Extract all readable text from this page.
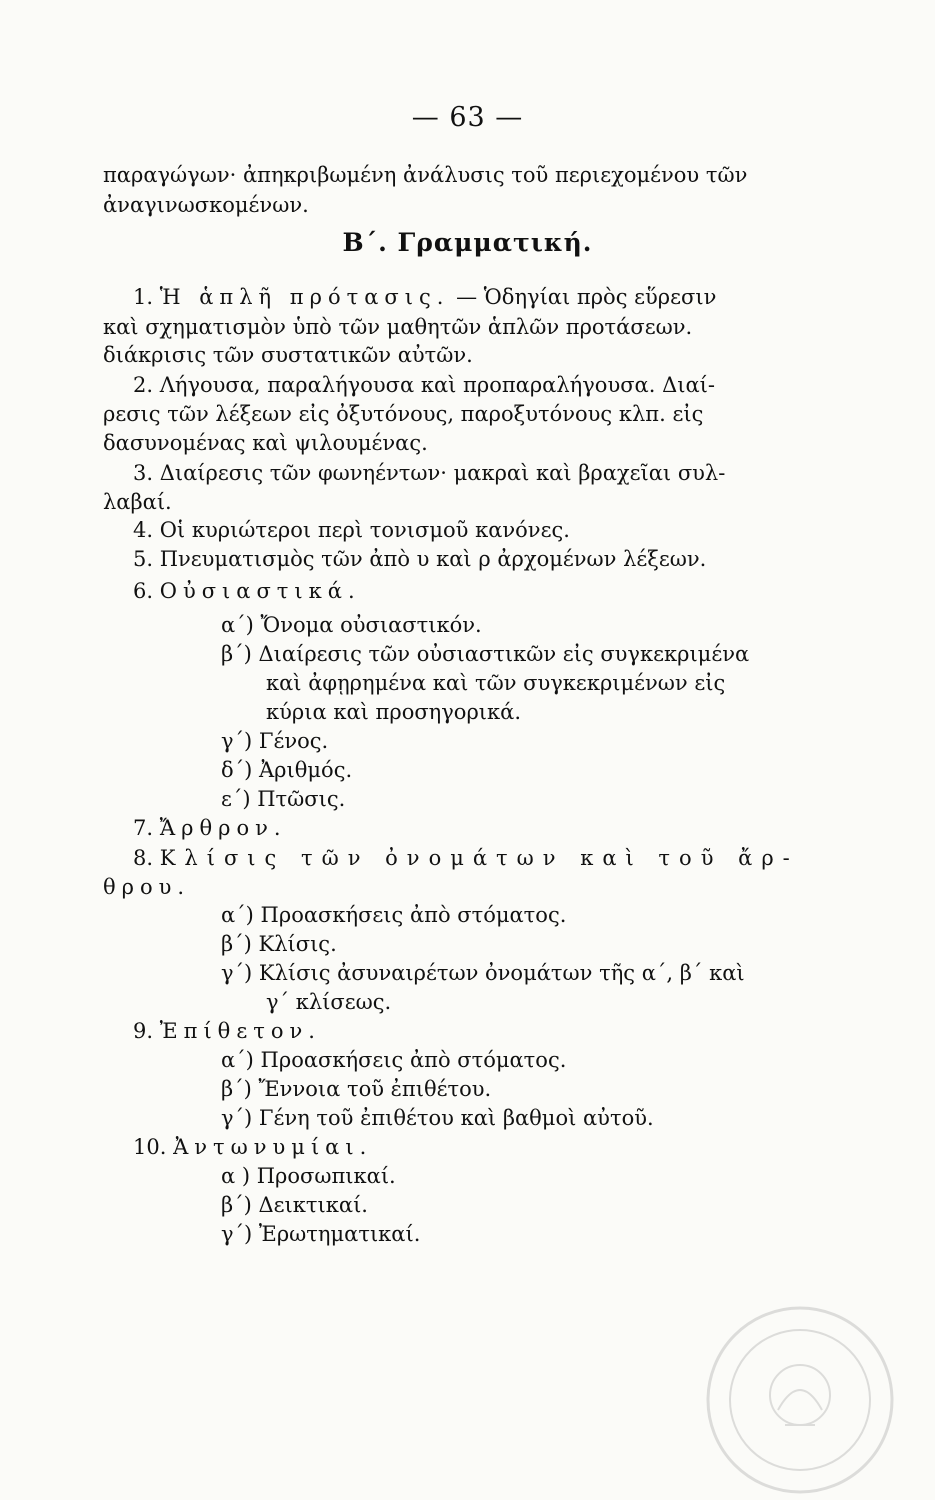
— 63 —
παραγώγων· ἀπηκριβωμένη ἀνάλυσις τοῦ περιεχομένου τῶν
ἀναγινωσκομένων.
Β΄. Γραμματική.
1. Ἡ ἁπλῆ πρότασις. — Ὁδηγίαι πρὸς εὕρεσιν
καὶ σχηματισμὸν ὑπὸ τῶν μαθητῶν ἁπλῶν προτάσεων.
διάκρισις τῶν συστατικῶν αὐτῶν.
2. Λήγουσα, παραλήγουσα καὶ προπαραλήγουσα. Διαί-
ρεσις τῶν λέξεων εἰς ὀξυτόνους, παροξυτόνους κλπ. εἰς
δασυνομένας καὶ ψιλουμένας.
3. Διαίρεσις τῶν φωνηέντων· μακραὶ καὶ βραχεῖαι συλ-
λαβαί.
4. Οἱ κυριώτεροι περὶ τονισμοῦ κανόνες.
5. Πνευματισμὸς τῶν ἀπὸ υ καὶ ρ ἀρχομένων λέξεων.
6. Οὐσιαστικά.
α΄) Ὄνομα οὐσιαστικόν.
β΄) Διαίρεσις τῶν οὐσιαστικῶν εἰς συγκεκριμένα
καὶ ἀφῃρημένα καὶ τῶν συγκεκριμένων εἰς
κύρια καὶ προσηγορικά.
γ΄) Γένος.
δ΄) Ἀριθμός.
ε΄) Πτῶσις.
7. Ἄρθρον.
8. Κλίσις τῶν ὀνομάτων καὶ τοῦ ἄρ-
θρου.
α΄) Προασκήσεις ἀπὸ στόματος.
β΄) Κλίσις.
γ΄) Κλίσις ἀσυναιρέτων ὀνομάτων τῆς α΄, β΄ καὶ
γ΄ κλίσεως.
9. Ἐπίθετον.
α΄) Προασκήσεις ἀπὸ στόματος.
β΄) Ἔννοια τοῦ ἐπιθέτου.
γ΄) Γένη τοῦ ἐπιθέτου καὶ βαθμοὶ αὐτοῦ.
10. Ἀντωνυμίαι.
α ) Προσωπικαί.
β΄) Δεικτικαί.
γ΄) Ἐρωτηματικαί.
